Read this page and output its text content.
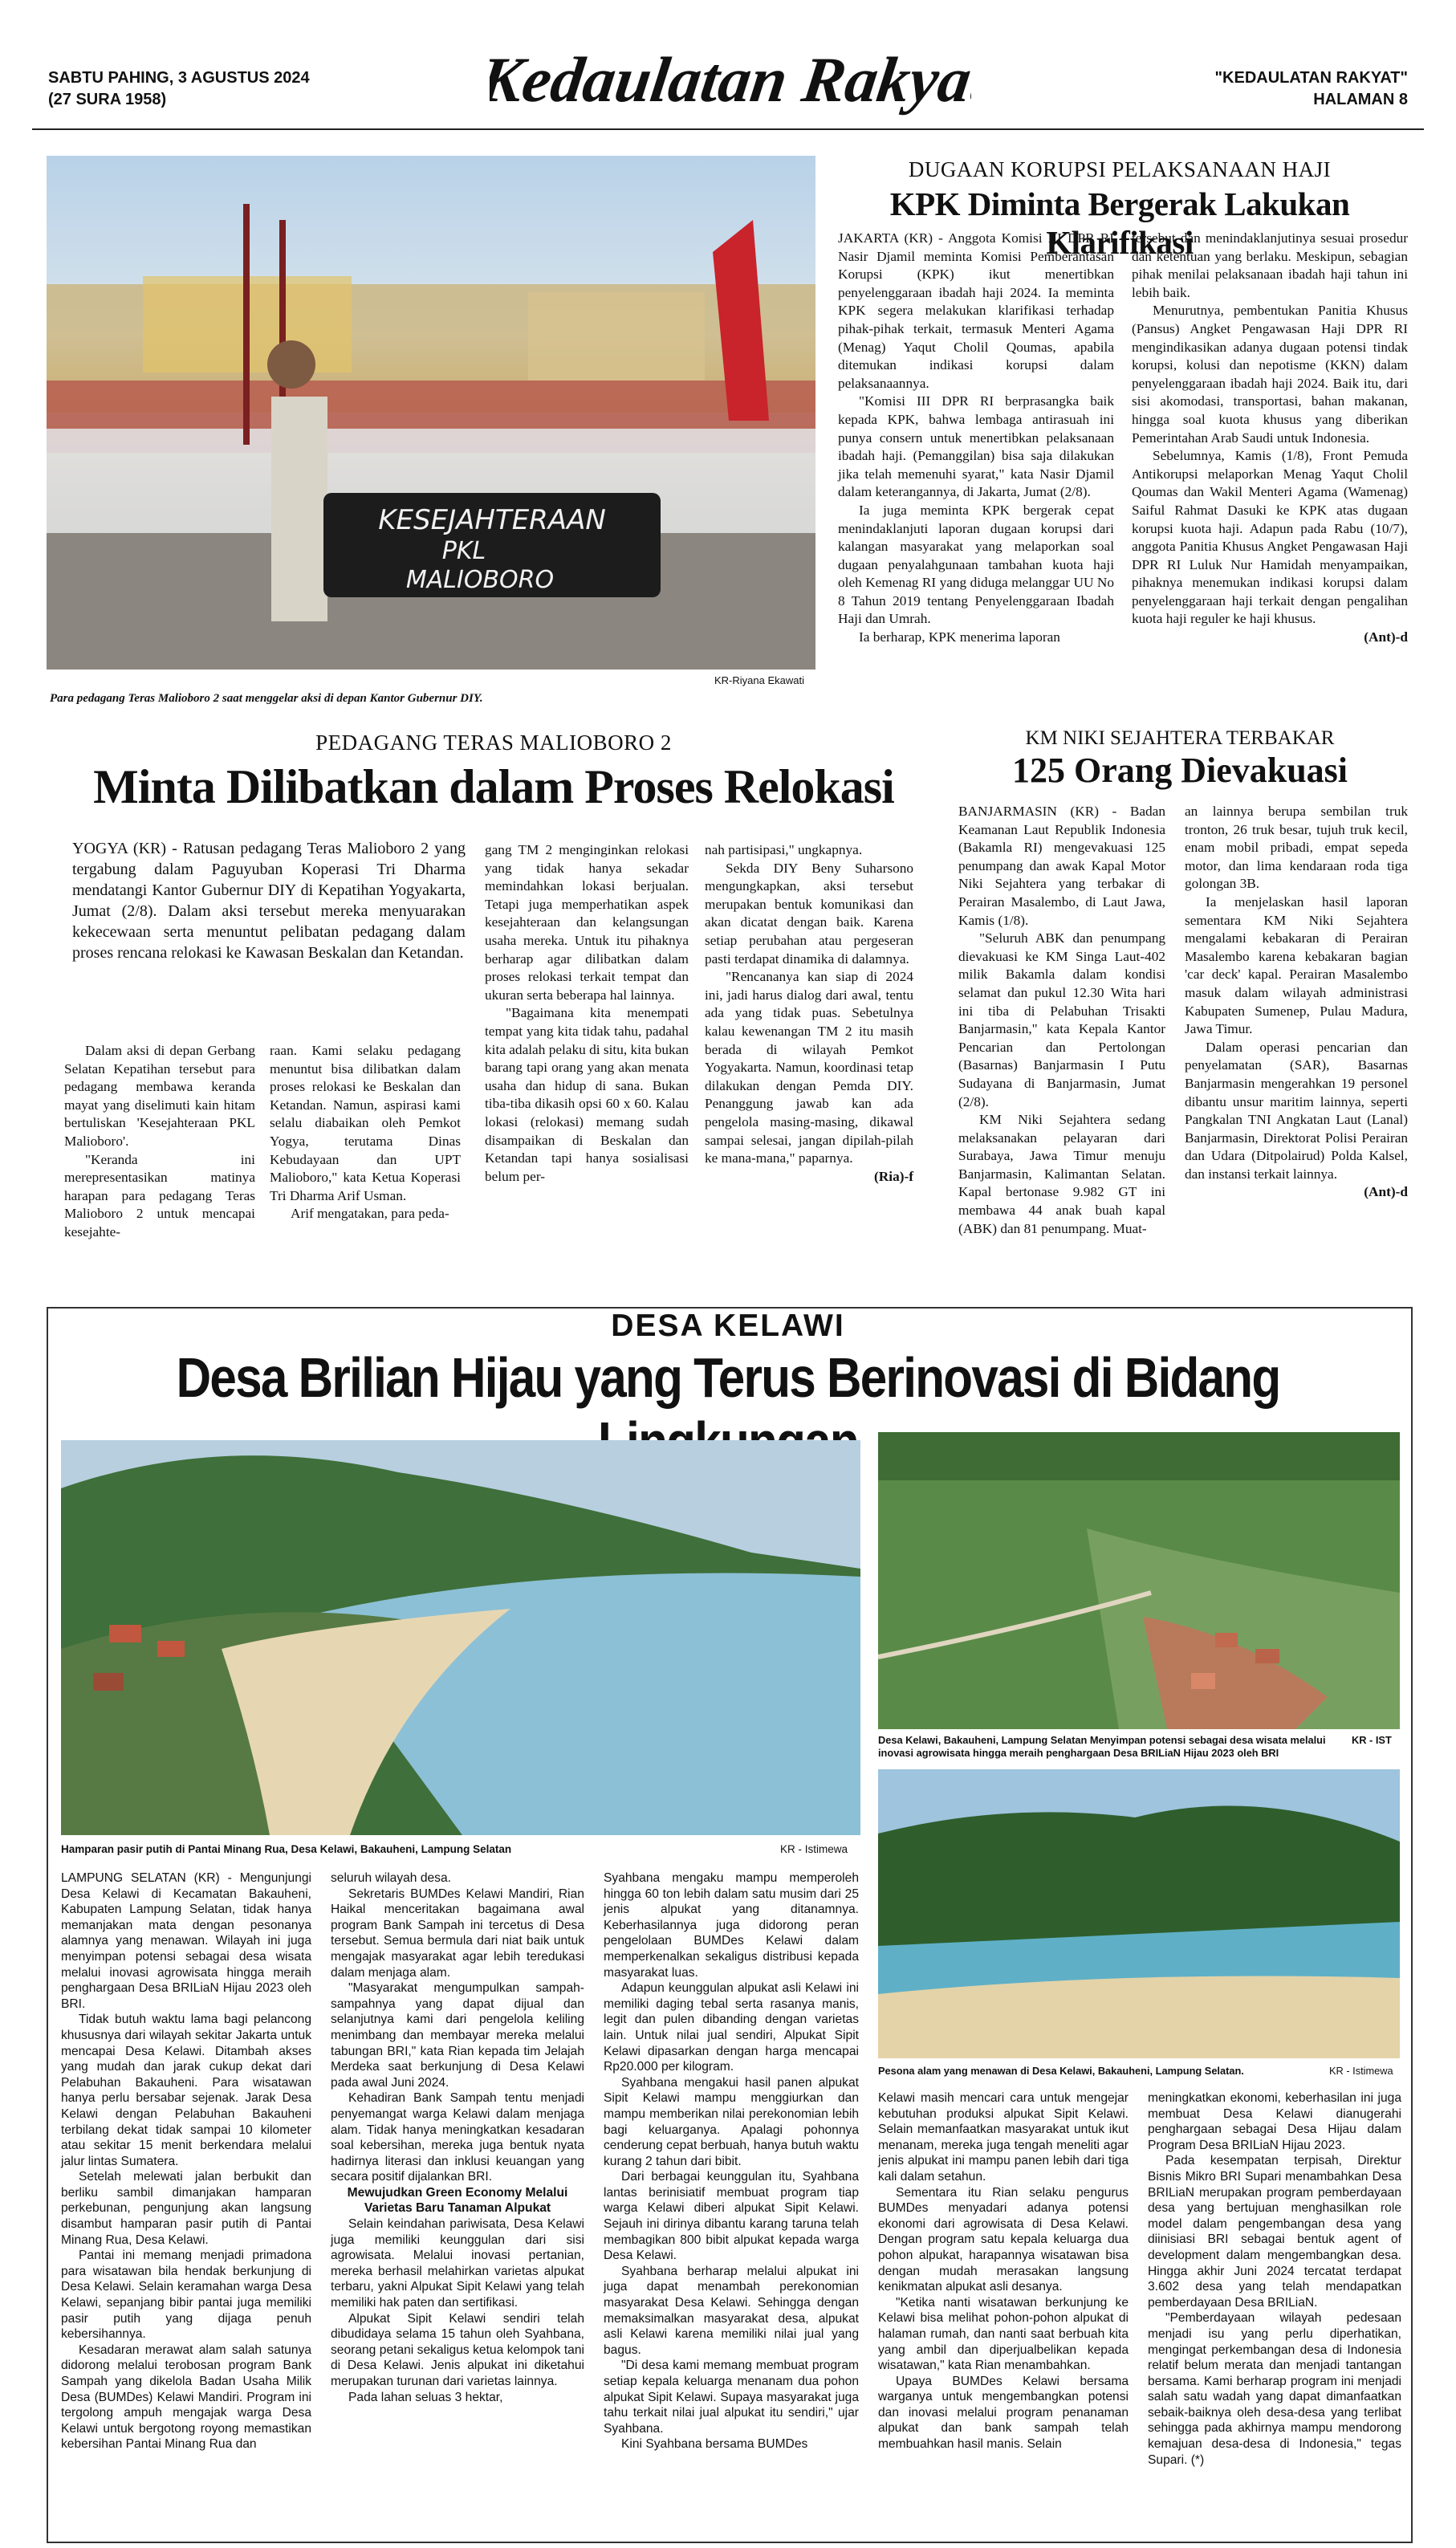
SABTU PAHING, 3 AGUSTUS 2024
(27 SURA 1958)	Kedaulatan Rakyat	"KEDAULATAN RAKYAT"
HALAMAN 8
KESEJAHTERAAN
PKL
MALIOBORO
KR-Riyana Ekawati
Para pedagang Teras Malioboro 2 saat menggelar aksi di depan Kantor Gubernur DIY.
DUGAAN KORUPSI PELAKSANAAN HAJI
KPK Diminta Bergerak Lakukan Klarifikasi

JAKARTA (KR) - Anggota Komisi III DPR RI Nasir Djamil meminta Komisi Pemberantasan Korupsi (KPK) ikut menertibkan penyelenggaraan ibadah haji 2024. Ia meminta KPK segera melakukan klarifikasi terhadap pihak-pihak terkait, termasuk Menteri Agama (Menag) Yaqut Cholil Qoumas, apabila ditemukan indikasi korupsi dalam pelaksanaannya.

"Komisi III DPR RI berprasangka baik kepada KPK, bahwa lembaga antirasuah ini punya consern untuk menertibkan pelaksanaan ibadah haji. (Pemanggilan) bisa saja dilakukan jika telah memenuhi syarat," kata Nasir Djamil dalam keterangannya, di Jakarta, Jumat (2/8).

Ia juga meminta KPK bergerak cepat menindaklanjuti laporan dugaan korupsi dari kalangan masyarakat yang melaporkan soal dugaan penyalahgunaan tambahan kuota haji oleh Kemenag RI yang diduga melanggar UU No 8 Tahun 2019 tentang Penyelenggaraan Ibadah Haji dan Umrah.

Ia berharap, KPK menerima laporan

tersebut dan menindaklanjutinya sesuai prosedur dan ketentuan yang berlaku. Meskipun, sebagian pihak menilai pelaksanaan ibadah haji tahun ini lebih baik.

Menurutnya, pembentukan Panitia Khusus (Pansus) Angket Pengawasan Haji DPR RI mengindikasikan adanya dugaan potensi tindak korupsi, kolusi dan nepotisme (KKN) dalam penyelenggaraan ibadah haji 2024. Baik itu, dari sisi akomodasi, transportasi, bahan makanan, hingga soal kuota khusus yang diberikan Pemerintahan Arab Saudi untuk Indonesia.

Sebelumnya, Kamis (1/8), Front Pemuda Antikorupsi melaporkan Menag Yaqut Cholil Qoumas dan Wakil Menteri Agama (Wamenag) Saiful Rahmat Dasuki ke KPK atas dugaan korupsi kuota haji. Adapun pada Rabu (10/7), anggota Panitia Khusus Angket Pengawasan Haji DPR RI Luluk Nur Hamidah menyampaikan, pihaknya menemukan indikasi korupsi dalam penyelenggaraan haji terkait dengan pengalihan kuota haji reguler ke haji khusus.

(Ant)-d
PEDAGANG TERAS MALIOBORO 2
Minta Dilibatkan dalam Proses Relokasi
YOGYA (KR) - Ratusan pedagang Teras Malioboro 2 yang tergabung dalam Paguyuban Koperasi Tri Dharma mendatangi Kantor Gubernur DIY di Kepatihan Yogyakarta, Jumat (2/8). Dalam aksi tersebut mereka menyuarakan kekecewaan serta menuntut pelibatan pedagang dalam proses rencana relokasi ke Kawasan Beskalan dan Ketandan.

Dalam aksi di depan Gerbang Selatan Kepatihan tersebut para pedagang membawa keranda mayat yang diselimuti kain hitam bertuliskan 'Kesejahteraan PKL Malioboro'.

"Keranda ini merepresentasikan matinya harapan para pedagang Teras Malioboro 2 untuk mencapai kesejahte-

raan. Kami selaku pedagang menuntut bisa dilibatkan dalam proses relokasi ke Beskalan dan Ketandan. Namun, aspirasi kami selalu diabaikan oleh Pemkot Yogya, terutama Dinas Kebudayaan dan UPT Malioboro," kata Ketua Koperasi Tri Dharma Arif Usman.

Arif mengatakan, para peda-

gang TM 2 menginginkan relokasi yang tidak hanya sekadar memindahkan lokasi berjualan. Tetapi juga memperhatikan aspek kesejahteraan dan kelangsungan usaha mereka. Untuk itu pihaknya berharap agar dilibatkan dalam proses relokasi terkait tempat dan ukuran serta beberapa hal lainnya.

"Bagaimana kita menempati tempat yang kita tidak tahu, padahal kita adalah pelaku di situ, kita bukan barang tapi orang yang akan menata usaha dan hidup di sana. Bukan tiba-tiba dikasih opsi 60 x 60. Kalau lokasi (relokasi) memang sudah disampaikan di Beskalan dan Ketandan tapi hanya sosialisasi belum per-

nah partisipasi," ungkapnya.

Sekda DIY Beny Suharsono mengungkapkan, aksi tersebut merupakan bentuk komunikasi dan akan dicatat dengan baik. Karena setiap perubahan atau pergeseran pasti terdapat dinamika di dalamnya.

"Rencananya kan siap di 2024 ini, jadi harus dialog dari awal, tentu ada yang tidak puas. Sebetulnya kalau kewenangan TM 2 itu masih berada di wilayah Pemkot Yogyakarta. Namun, koordinasi tetap dilakukan dengan Pemda DIY. Penanggung jawab kan ada pengelola masing-masing, dikawal sampai selesai, jangan dipilah-pilah ke mana-mana," paparnya.

(Ria)-f
KM NIKI SEJAHTERA TERBAKAR
125 Orang Dievakuasi

BANJARMASIN (KR) - Badan Keamanan Laut Republik Indonesia (Bakamla RI) mengevakuasi 125 penumpang dan awak Kapal Motor Niki Sejahtera yang terbakar di Perairan Masalembo, di Laut Jawa, Kamis (1/8).

"Seluruh ABK dan penumpang dievakuasi ke KM Singa Laut-402 milik Bakamla dalam kondisi selamat dan pukul 12.30 Wita hari ini tiba di Pelabuhan Trisakti Banjarmasin," kata Kepala Kantor Pencarian dan Pertolongan (Basarnas) Banjarmasin I Putu Sudayana di Banjarmasin, Jumat (2/8).

KM Niki Sejahtera sedang melaksanakan pelayaran dari Surabaya, Jawa Timur menuju Banjarmasin, Kalimantan Selatan. Kapal bertonase 9.982 GT ini membawa 44 anak buah kapal (ABK) dan 81 penumpang. Muat-

an lainnya berupa sembilan truk tronton, 26 truk besar, tujuh truk kecil, enam mobil pribadi, empat sepeda motor, dan lima kendaraan roda tiga golongan 3B.

Ia menjelaskan hasil laporan sementara KM Niki Sejahtera mengalami kebakaran di Perairan Masalembo karena kebakaran bagian 'car deck' kapal. Perairan Masalembo masuk dalam wilayah administrasi Kabupaten Sumenep, Pulau Madura, Jawa Timur.

Dalam operasi pencarian dan penyelamatan (SAR), Basarnas Banjarmasin mengerahkan 19 personel dibantu unsur maritim lainnya, seperti Pangkalan TNI Angkatan Laut (Lanal) Banjarmasin, Direktorat Polisi Perairan dan Udara (Ditpolairud) Polda Kalsel, dan instansi terkait lainnya.

(Ant)-d
DESA KELAWI
Desa Brilian Hijau yang Terus Berinovasi di Bidang
Hamparan pasir putih di Pantai Minang Rua, Desa Kelawi, Bakauheni, Lampung Selatan	KR - Istimewa
Desa Kelawi, Bakauheni, Lampung Selatan Menyimpan potensi sebagai desa wisata melalui inovasi agrowisata hingga meraih penghargaan Desa BRILiaN Hijau 2023 oleh BRI
KR - IST
Pesona alam yang menawan di Desa Kelawi, Bakauheni, Lampung Selatan.	KR - Istimewa

LAMPUNG SELATAN (KR) - Mengunjungi Desa Kelawi di Kecamatan Bakauheni, Kabupaten Lampung Selatan, tidak hanya memanjakan mata dengan pesonanya alamnya yang menawan. Wilayah ini juga menyimpan potensi sebagai desa wisata melalui inovasi agrowisata hingga meraih penghargaan Desa BRILiaN Hijau 2023 oleh BRI.

Tidak butuh waktu lama bagi pelancong khususnya dari wilayah sekitar Jakarta untuk mencapai Desa Kelawi. Ditambah akses yang mudah dan jarak cukup dekat dari Pelabuhan Bakauheni. Para wisatawan hanya perlu bersabar sejenak. Jarak Desa Kelawi dengan Pelabuhan Bakauheni terbilang dekat tidak sampai 10 kilometer atau sekitar 15 menit berkendara melalui jalur lintas Sumatera.

Setelah melewati jalan berbukit dan berliku sambil dimanjakan hamparan perkebunan, pengunjung akan langsung disambut hamparan pasir putih di Pantai Minang Rua, Desa Kelawi.

Pantai ini memang menjadi primadona para wisatawan bila hendak berkunjung di Desa Kelawi. Selain keramahan warga Desa Kelawi, sepanjang bibir pantai juga memiliki pasir putih yang dijaga penuh kebersihannya.

Kesadaran merawat alam salah satunya didorong melalui terobosan program Bank Sampah yang dikelola Badan Usaha Milik Desa (BUMDes) Kelawi Mandiri. Program ini tergolong ampuh mengajak warga Desa Kelawi untuk bergotong royong memastikan kebersihan Pantai Minang Rua dan

seluruh wilayah desa.

Sekretaris BUMDes Kelawi Mandiri, Rian Haikal menceritakan bagaimana awal program Bank Sampah ini tercetus di Desa tersebut. Semua bermula dari niat baik untuk mengajak masyarakat agar lebih teredukasi dalam menjaga alam.

"Masyarakat mengumpulkan sampah-sampahnya yang dapat dijual dan selanjutnya kami dari pengelola keliling menimbang dan membayar mereka melalui tabungan BRI," kata Rian kepada tim Jelajah Merdeka saat berkunjung di Desa Kelawi pada awal Juni 2024.

Kehadiran Bank Sampah tentu menjadi penyemangat warga Kelawi dalam menjaga alam. Tidak hanya meningkatkan kesadaran soal kebersihan, mereka juga bentuk nyata hadirnya literasi dan inklusi keuangan yang secara positif dijalankan BRI.

Mewujudkan Green Economy Melalui Varietas Baru Tanaman Alpukat

Selain keindahan pariwisata, Desa Kelawi juga memiliki keunggulan dari sisi agrowisata. Melalui inovasi pertanian, mereka berhasil melahirkan varietas alpukat terbaru, yakni Alpukat Sipit Kelawi yang telah memiliki hak paten dan sertifikasi.

Alpukat Sipit Kelawi sendiri telah dibudidaya selama 15 tahun oleh Syahbana, seorang petani sekaligus ketua kelompok tani di Desa Kelawi. Jenis alpukat ini diketahui merupakan turunan dari varietas lainnya.

Pada lahan seluas 3 hektar,

Syahbana mengaku mampu memperoleh hingga 60 ton lebih dalam satu musim dari 25 jenis alpukat yang ditanamnya. Keberhasilannya juga didorong peran pengelolaan BUMDes Kelawi dalam memperkenalkan sekaligus distribusi kepada masyarakat luas.

Adapun keunggulan alpukat asli Kelawi ini memiliki daging tebal serta rasanya manis, legit dan pulen dibanding dengan varietas lain. Untuk nilai jual sendiri, Alpukat Sipit Kelawi dipasarkan dengan harga mencapai Rp20.000 per kilogram.

Syahbana mengakui hasil panen alpukat Sipit Kelawi mampu menggiurkan dan mampu memberikan nilai perekonomian lebih bagi keluarganya. Apalagi pohonnya cenderung cepat berbuah, hanya butuh waktu kurang 2 tahun dari bibit.

Dari berbagai keunggulan itu, Syahbana lantas berinisiatif membuat program tiap warga Kelawi diberi alpukat Sipit Kelawi. Sejauh ini dirinya dibantu karang taruna telah membagikan 800 bibit alpukat kepada warga Desa Kelawi.

Syahbana berharap melalui alpukat ini juga dapat menambah perekonomian masyarakat Desa Kelawi. Sehingga dengan memaksimalkan masyarakat desa, alpukat asli Kelawi karena memiliki nilai jual yang bagus.

"Di desa kami memang membuat program setiap kepala keluarga menanam dua pohon alpukat Sipit Kelawi. Supaya masyarakat juga tahu terkait nilai jual alpukat itu sendiri," ujar Syahbana.

Kini Syahbana bersama BUMDes

Kelawi masih mencari cara untuk mengejar kebutuhan produksi alpukat Sipit Kelawi. Selain memanfaatkan masyarakat untuk ikut menanam, mereka juga tengah meneliti agar jenis alpukat ini mampu panen lebih dari tiga kali dalam setahun.

Sementara itu Rian selaku pengurus BUMDes menyadari adanya potensi ekonomi dari agrowisata di Desa Kelawi. Dengan program satu kepala keluarga dua pohon alpukat, harapannya wisatawan bisa dengan mudah merasakan langsung kenikmatan alpukat asli desanya.

"Ketika nanti wisatawan berkunjung ke Kelawi bisa melihat pohon-pohon alpukat di halaman rumah, dan nanti saat berbuah kita yang ambil dan diperjualbelikan kepada wisatawan," kata Rian menambahkan.

Upaya BUMDes Kelawi bersama warganya untuk mengembangkan potensi dan inovasi melalui program penanaman alpukat dan bank sampah telah membuahkan hasil manis. Selain

meningkatkan ekonomi, keberhasilan ini juga membuat Desa Kelawi dianugerahi penghargaan sebagai Desa Hijau dalam Program Desa BRILiaN Hijau 2023.

Pada kesempatan terpisah, Direktur Bisnis Mikro BRI Supari menambahkan Desa BRILiaN merupakan program pemberdayaan desa yang bertujuan menghasilkan role model dalam pengembangan desa yang diinisiasi BRI sebagai bentuk agent of development dalam mengembangkan desa. Hingga akhir Juni 2024 tercatat terdapat 3.602 desa yang telah mendapatkan pemberdayaan Desa BRILiaN.

"Pemberdayaan wilayah pedesaan menjadi isu yang perlu diperhatikan, mengingat perkembangan desa di Indonesia relatif belum merata dan menjadi tantangan bersama. Kami berharap program ini menjadi salah satu wadah yang dapat dimanfaatkan sebaik-baiknya oleh desa-desa yang terlibat sehingga pada akhirnya mampu mendorong kemajuan desa-desa di Indonesia," tegas Supari. (*)
